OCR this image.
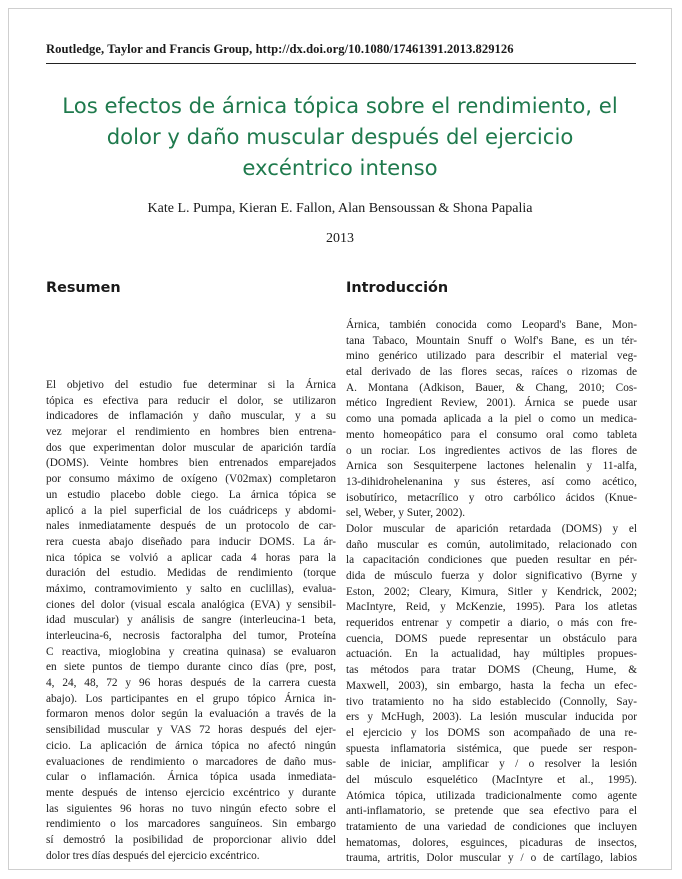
Routledge, Taylor and Francis Group, http://dx.doi.org/10.1080/17461391.2013.829126
Los efectos de árnica tópica sobre el rendimiento, el
dolor y daño muscular después del ejercicio
excéntrico intenso
Kate L. Pumpa, Kieran E. Fallon, Alan Bensoussan & Shona Papalia
2013
Resumen	Introducción
El objetivo del estudio fue determinar si la Árnica
tópica es efectiva para reducir el dolor, se utilizaron
indicadores de inflamación y daño muscular, y a su
vez mejorar el rendimiento en hombres bien entrena-
dos que experimentan dolor muscular de aparición tardía
(DOMS). Veinte hombres bien entrenados emparejados
por consumo máximo de oxígeno (V02max) completaron
un estudio placebo doble ciego. La árnica tópica se
aplicó a la piel superficial de los cuádriceps y abdomi-
nales inmediatamente después de un protocolo de car-
rera cuesta abajo diseñado para inducir DOMS. La ár-
nica tópica se volvió a aplicar cada 4 horas para la
duración del estudio. Medidas de rendimiento (torque
máximo, contramovimiento y salto en cuclillas), evalua-
ciones del dolor (visual escala analógica (EVA) y sensibil-
idad muscular) y análisis de sangre (interleucina-1 beta,
interleucina-6, necrosis factoralpha del tumor, Proteína
C reactiva, mioglobina y creatina quinasa) se evaluaron
en siete puntos de tiempo durante cinco días (pre, post,
4, 24, 48, 72 y 96 horas después de la carrera cuesta
abajo). Los participantes en el grupo tópico Árnica in-
formaron menos dolor según la evaluación a través de la
sensibilidad muscular y VAS 72 horas después del ejer-
cicio. La aplicación de árnica tópica no afectó ningún
evaluaciones de rendimiento o marcadores de daño mus-
cular o inflamación. Árnica tópica usada inmediata-
mente después de intenso ejercicio excéntrico y durante
las siguientes 96 horas no tuvo ningún efecto sobre el
rendimiento o los marcadores sanguíneos. Sin embargo
sí demostró la posibilidad de proporcionar alivio ddel
dolor tres días después del ejercicio excéntrico.
Árnica, también conocida como Leopard's Bane, Mon-
tana Tabaco, Mountain Snuff o Wolf's Bane, es un tér-
mino genérico utilizado para describir el material veg-
etal derivado de las flores secas, raíces o rizomas de
A. Montana (Adkison, Bauer, & Chang, 2010; Cos-
mético Ingredient Review, 2001). Árnica se puede usar
como una pomada aplicada a la piel o como un medica-
mento homeopático para el consumo oral como tableta
o un rociar. Los ingredientes activos de las flores de
Arnica son Sesquiterpene lactones helenalin y 11-alfa,
13-dihidrohelenanina y sus ésteres, así como acético,
isobutírico, metacrílico y otro carbólico ácidos (Knue-
sel, Weber, y Suter, 2002).
Dolor muscular de aparición retardada (DOMS) y el
daño muscular es común, autolimitado, relacionado con
la capacitación condiciones que pueden resultar en pér-
dida de músculo fuerza y dolor significativo (Byrne y
Eston, 2002; Cleary, Kimura, Sitler y Kendrick, 2002;
MacIntyre, Reid, y McKenzie, 1995). Para los atletas
requeridos entrenar y competir a diario, o más con fre-
cuencia, DOMS puede representar un obstáculo para
actuación. En la actualidad, hay múltiples propues-
tas métodos para tratar DOMS (Cheung, Hume, &
Maxwell, 2003), sin embargo, hasta la fecha un efec-
tivo tratamiento no ha sido establecido (Connolly, Say-
ers y McHugh, 2003). La lesión muscular inducida por
el ejercicio y los DOMS son acompañado de una re-
spuesta inflamatoria sistémica, que puede ser respon-
sable de iniciar, amplificar y / o resolver la lesión
del músculo esquelético (MacIntyre et al., 1995).
Atómica tópica, utilizada tradicionalmente como agente
anti-inflamatorio, se pretende que sea efectivo para el
tratamiento de una variedad de condiciones que incluyen
hematomas, dolores, esguinces, picaduras de insectos,
trauma, artritis, Dolor muscular y / o de cartílago, labios
